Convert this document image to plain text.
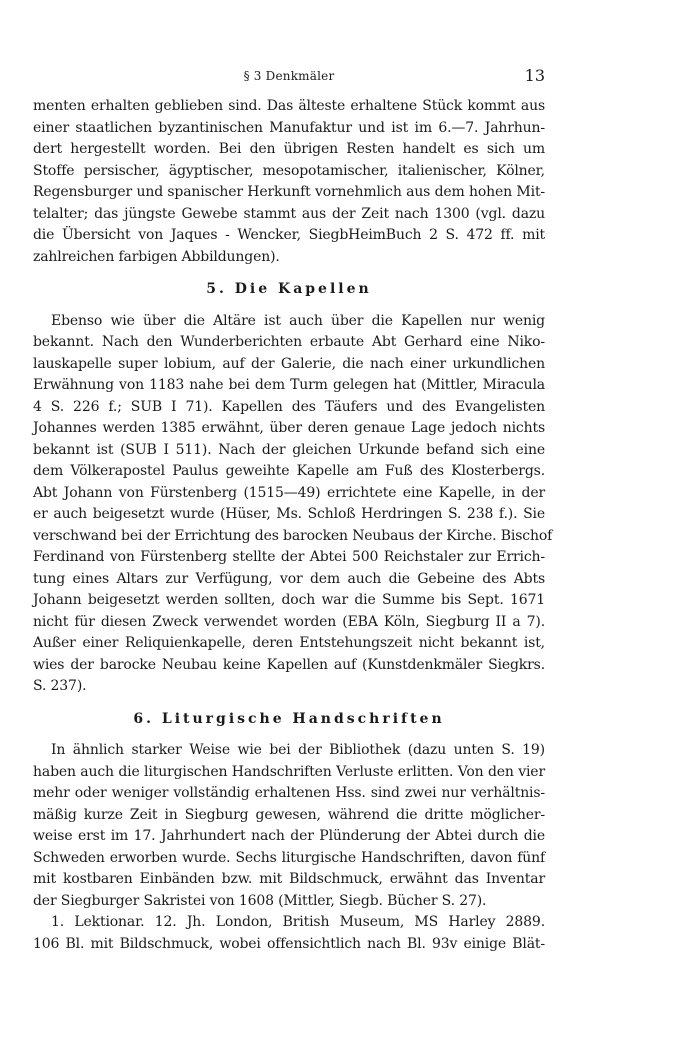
§ 3 Denkmäler	13

menten erhalten geblieben sind. Das älteste erhaltene Stück kommt aus

einer staatlichen byzantinischen Manufaktur und ist im 6.—7. Jahrhun-

dert hergestellt worden. Bei den übrigen Resten handelt es sich um

Stoffe persischer, ägyptischer, mesopotamischer, italienischer, Kölner,

Regensburger und spanischer Herkunft vornehmlich aus dem hohen Mit-

telalter; das jüngste Gewebe stammt aus der Zeit nach 1300 (vgl. dazu

die Übersicht von Jaques - Wencker, SiegbHeimBuch 2 S. 472 ff. mit

zahlreichen farbigen Abbildungen).

5. Die Kapellen

Ebenso wie über die Altäre ist auch über die Kapellen nur wenig

bekannt. Nach den Wunderberichten erbaute Abt Gerhard eine Niko-

lauskapelle super lobium, auf der Galerie, die nach einer urkundlichen

Erwähnung von 1183 nahe bei dem Turm gelegen hat (Mittler, Miracula

4 S. 226 f.; SUB I 71). Kapellen des Täufers und des Evangelisten

Johannes werden 1385 erwähnt, über deren genaue Lage jedoch nichts

bekannt ist (SUB I 511). Nach der gleichen Urkunde befand sich eine

dem Völkerapostel Paulus geweihte Kapelle am Fuß des Klosterbergs.

Abt Johann von Fürstenberg (1515—49) errichtete eine Kapelle, in der

er auch beigesetzt wurde (Hüser, Ms. Schloß Herdringen S. 238 f.). Sie

verschwand bei der Errichtung des barocken Neubaus der Kirche. Bischof

Ferdinand von Fürstenberg stellte der Abtei 500 Reichstaler zur Errich-

tung eines Altars zur Verfügung, vor dem auch die Gebeine des Abts

Johann beigesetzt werden sollten, doch war die Summe bis Sept. 1671

nicht für diesen Zweck verwendet worden (EBA Köln, Siegburg II a 7).

Außer einer Reliquienkapelle, deren Entstehungszeit nicht bekannt ist,

wies der barocke Neubau keine Kapellen auf (Kunstdenkmäler Siegkrs.

S. 237).

6. Liturgische Handschriften

In ähnlich starker Weise wie bei der Bibliothek (dazu unten S. 19)

haben auch die liturgischen Handschriften Verluste erlitten. Von den vier

mehr oder weniger vollständig erhaltenen Hss. sind zwei nur verhältnis-

mäßig kurze Zeit in Siegburg gewesen, während die dritte möglicher-

weise erst im 17. Jahrhundert nach der Plünderung der Abtei durch die

Schweden erworben wurde. Sechs liturgische Handschriften, davon fünf

mit kostbaren Einbänden bzw. mit Bildschmuck, erwähnt das Inventar

der Siegburger Sakristei von 1608 (Mittler, Siegb. Bücher S. 27).

1. Lektionar. 12. Jh. London, British Museum, MS Harley 2889.

106 Bl. mit Bildschmuck, wobei offensichtlich nach Bl. 93v einige Blät-
